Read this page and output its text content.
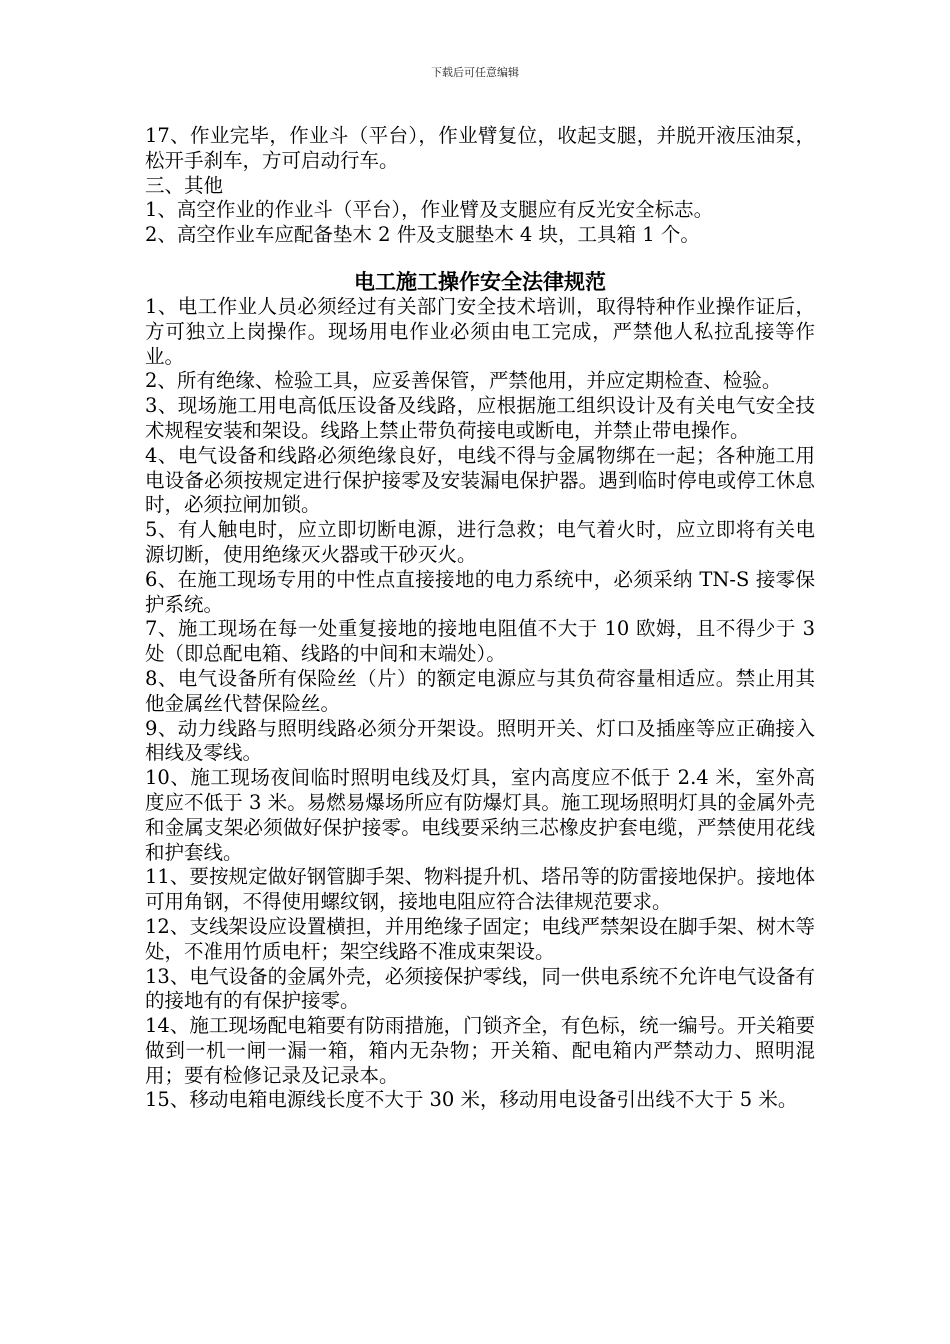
下载后可任意编辑

17、作业完毕，作业斗（平台），作业臂复位，收起支腿，并脱开液压油泵，松开手刹车，方可启动行车。

三、其他

1、高空作业的作业斗（平台），作业臂及支腿应有反光安全标志。

2、高空作业车应配备垫木 2 件及支腿垫木 4 块，工具箱 1 个。

电工施工操作安全法律规范

1、电工作业人员必须经过有关部门安全技术培训，取得特种作业操作证后，方可独立上岗操作。现场用电作业必须由电工完成，严禁他人私拉乱接等作业。

2、所有绝缘、检验工具，应妥善保管，严禁他用，并应定期检查、检验。

3、现场施工用电高低压设备及线路，应根据施工组织设计及有关电气安全技术规程安装和架设。线路上禁止带负荷接电或断电，并禁止带电操作。

4、电气设备和线路必须绝缘良好，电线不得与金属物绑在一起；各种施工用电设备必须按规定进行保护接零及安装漏电保护器。遇到临时停电或停工休息时，必须拉闸加锁。

5、有人触电时，应立即切断电源，进行急救；电气着火时，应立即将有关电源切断，使用绝缘灭火器或干砂灭火。

6、在施工现场专用的中性点直接接地的电力系统中，必须采纳 TN-S 接零保护系统。

7、施工现场在每一处重复接地的接地电阻值不大于 10 欧姆，且不得少于 3 处（即总配电箱、线路的中间和末端处）。

8、电气设备所有保险丝（片）的额定电源应与其负荷容量相适应。禁止用其他金属丝代替保险丝。

9、动力线路与照明线路必须分开架设。照明开关、灯口及插座等应正确接入相线及零线。

10、施工现场夜间临时照明电线及灯具，室内高度应不低于 2.4 米，室外高度应不低于 3 米。易燃易爆场所应有防爆灯具。施工现场照明灯具的金属外壳和金属支架必须做好保护接零。电线要采纳三芯橡皮护套电缆，严禁使用花线和护套线。

11、要按规定做好钢管脚手架、物料提升机、塔吊等的防雷接地保护。接地体可用角钢，不得使用螺纹钢，接地电阻应符合法律规范要求。

12、支线架设应设置横担，并用绝缘子固定；电线严禁架设在脚手架、树木等处，不准用竹质电杆；架空线路不准成束架设。

13、电气设备的金属外壳，必须接保护零线，同一供电系统不允许电气设备有的接地有的有保护接零。

14、施工现场配电箱要有防雨措施，门锁齐全，有色标，统一编号。开关箱要做到一机一闸一漏一箱，箱内无杂物；开关箱、配电箱内严禁动力、照明混用；要有检修记录及记录本。

15、移动电箱电源线长度不大于 30 米，移动用电设备引出线不大于 5 米。
